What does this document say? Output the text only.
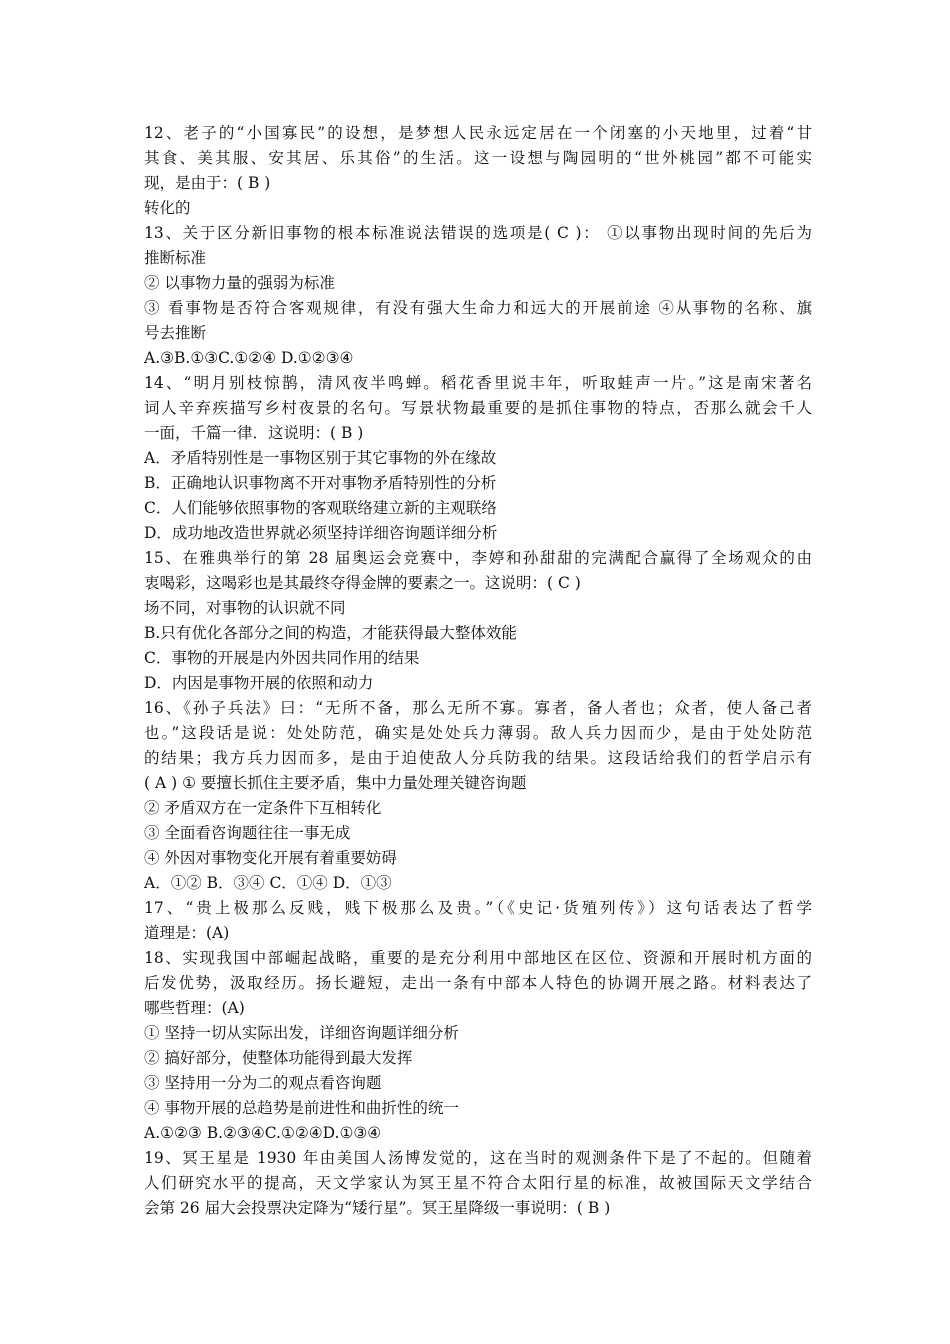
12、老子的“小国寡民”的设想，是梦想人民永远定居在一个闭塞的小天地里，过着“甘
其食、美其服、安其居、乐其俗”的生活。这一设想与陶园明的“世外桃园”都不可能实
现，是由于：( B )
转化的
13、关于区分新旧事物的根本标准说法错误的选项是( C )： ①以事物出现时间的先后为
推断标准
② 以事物力量的强弱为标准
③ 看事物是否符合客观规律，有没有强大生命力和远大的开展前途 ④从事物的名称、旗
号去推断
A.③B.①③C.①②④ D.①②③④
14、“明月别枝惊鹊，清风夜半鸣蝉。稻花香里说丰年，听取蛙声一片。”这是南宋著名
词人辛弃疾描写乡村夜景的名句。写景状物最重要的是抓住事物的特点，否那么就会千人
一面，千篇一律．这说明：( B )
A．矛盾特别性是一事物区别于其它事物的外在缘故
B．正确地认识事物离不开对事物矛盾特别性的分析
C．人们能够依照事物的客观联络建立新的主观联络
D．成功地改造世界就必须坚持详细咨询题详细分析
15、在雅典举行的第 28 届奥运会竞赛中，李婷和孙甜甜的完满配合赢得了全场观众的由
衷喝彩，这喝彩也是其最终夺得金牌的要素之一。这说明：( C )
场不同，对事物的认识就不同
B.只有优化各部分之间的构造，才能获得最大整体效能
C．事物的开展是内外因共同作用的结果
D．内因是事物开展的依照和动力
16、《孙子兵法》曰：“无所不备，那么无所不寡。寡者，备人者也；众者，使人备己者
也。”这段话是说：处处防范，确实是处处兵力薄弱。敌人兵力因而少，是由于处处防范
的结果；我方兵力因而多，是由于迫使敌人分兵防我的结果。这段话给我们的哲学启示有
( A ) ① 要擅长抓住主要矛盾，集中力量处理关键咨询题
② 矛盾双方在一定条件下互相转化
③ 全面看咨询题往往一事无成
④ 外因对事物变化开展有着重要妨碍
A．①② B．③④ C．①④ D．①③
17、“贵上极那么反贱，贱下极那么及贵。”（《史记·货殖列传》）这句话表达了哲学
道理是：(A)
18、实现我国中部崛起战略，重要的是充分利用中部地区在区位、资源和开展时机方面的
后发优势，汲取经历。扬长避短，走出一条有中部本人特色的协调开展之路。材料表达了
哪些哲理：(A)
① 坚持一切从实际出发，详细咨询题详细分析
② 搞好部分，使整体功能得到最大发挥
③ 坚持用一分为二的观点看咨询题
④ 事物开展的总趋势是前进性和曲折性的统一
A.①②③ B.②③④C.①②④D.①③④
19、冥王星是 1930 年由美国人汤博发觉的，这在当时的观测条件下是了不起的。但随着
人们研究水平的提高，天文学家认为冥王星不符合太阳行星的标准，故被国际天文学结合
会第 26 届大会投票决定降为“矮行星”。冥王星降级一事说明：( B )
